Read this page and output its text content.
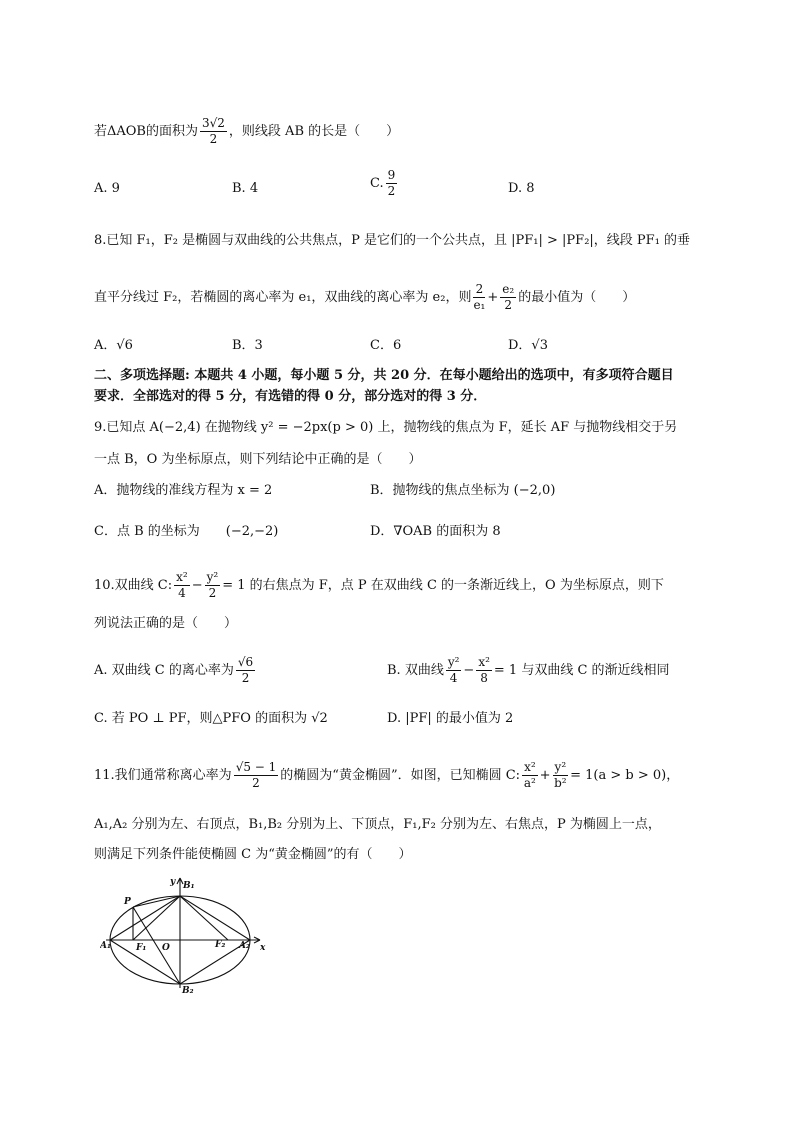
若ΔAOB的面积为 $\frac{3√2}{2}$ ，则线段 AB 的长是（　　）
A. 9	B. 4	C. $\frac{9}{2}$	D. 8
8.已知 F₁，F₂ 是椭圆与双曲线的公共焦点，P 是它们的一个公共点，且 |PF₁| > |PF₂|，线段 PF₁ 的垂
直平分线过 F₂，若椭圆的离心率为 e₁，双曲线的离心率为 e₂，则 $\frac{2}{\text{e₁}} + \frac{\text{e₂}}{2}$ 的最小值为（　　）
A．√6	B．3	C．6	D．√3
二、多项选择题: 本题共 4 小题，每小题 5 分，共 20 分．在每小题给出的选项中，有多项符合题目
要求．全部选对的得 5 分，有选错的得 0 分，部分选对的得 3 分．
9.已知点 A(−2,4) 在抛物线 y² = −2px(p > 0) 上，抛物线的焦点为 F，延长 AF 与抛物线相交于另
一点 B，O 为坐标原点，则下列结论中正确的是（　　）
A．抛物线的准线方程为 x = 2	B．抛物线的焦点坐标为 (−2,0)
C．点 B 的坐标为　　(−2,−2)	D．∇OAB 的面积为 8
10.双曲线 C: $\frac{\text{x²}}{4} - \frac{\text{y²}}{2} = 1$ 的右焦点为 F，点 P 在双曲线 C 的一条渐近线上，O 为坐标原点，则下
列说法正确的是（　　）
A. 双曲线 C 的离心率为 $\frac{√6}{2}$	B. 双曲线 $\frac{\text{y²}}{4} - \frac{\text{x²}}{8} = 1$ 与双曲线 C 的渐近线相同
C. 若 PO ⊥ PF，则△PFO 的面积为 √2	D. |PF| 的最小值为 2
11.我们通常称离心率为 $\frac{√5 - 1}{2}$ 的椭圆为“黄金椭圆”．如图，已知椭圆 C: $\frac{\text{x²}}{\text{a²}} + \frac{\text{y²}}{\text{b²}} = 1(a > b > 0)$，
A₁,A₂ 分别为左、右顶点，B₁,B₂ 分别为上、下顶点，F₁,F₂ 分别为左、右焦点，P 为椭圆上一点，
则满足下列条件能使椭圆 C 为“黄金椭圆”的有（　　）
y
x
B₁
B₂
A₁	A₂
F₁	F₂
O
P
